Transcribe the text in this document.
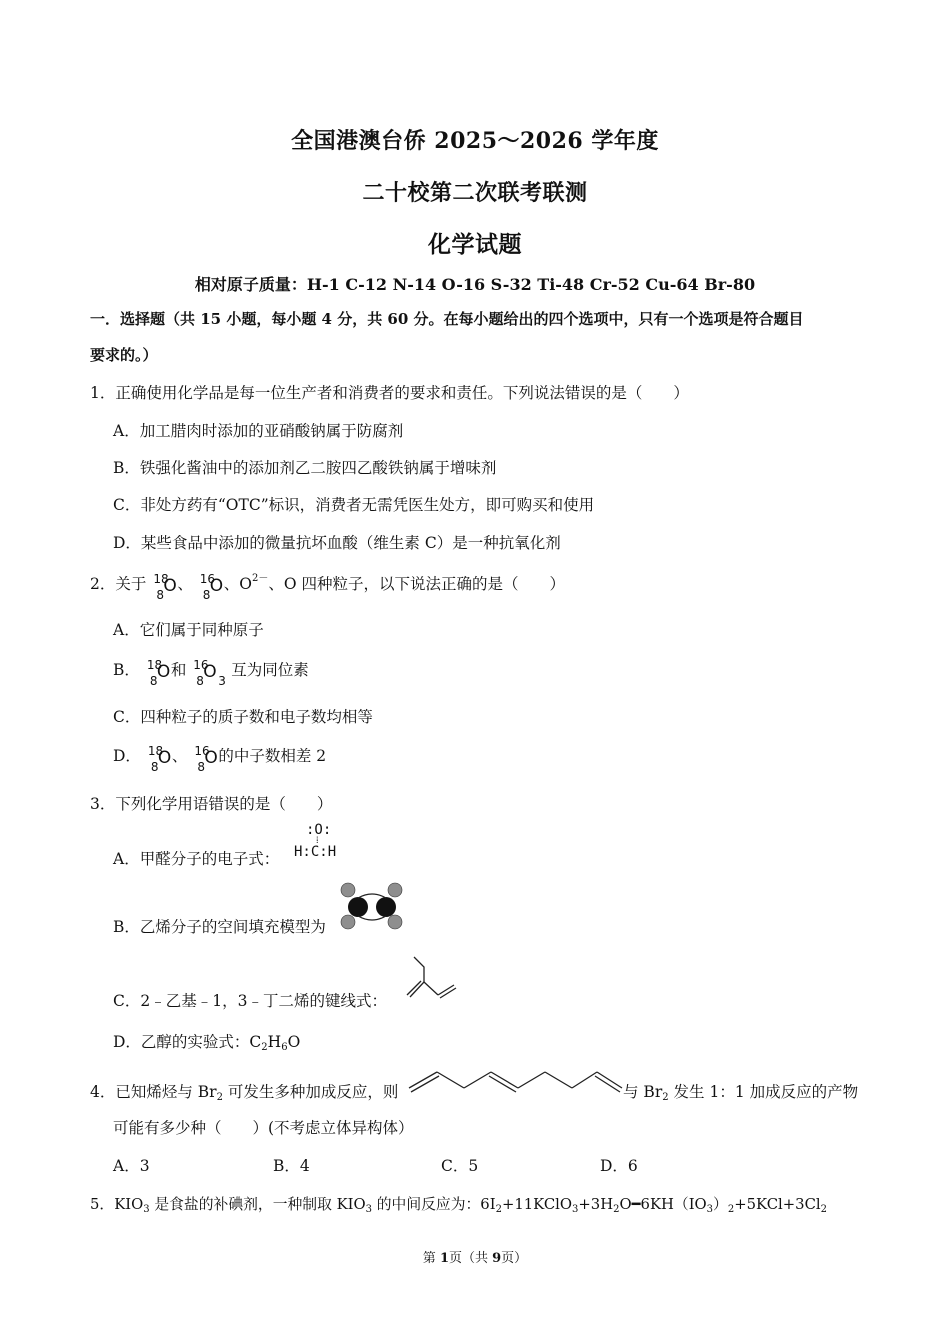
全国港澳台侨 2025～2026 学年度
二十校第二次联考联测
化学试题
相对原子质量：H-1 C-12 N-14 O-16 S-32 Ti-48 Cr-52 Cu-64 Br-80
一．选择题（共 15 小题，每小题 4 分，共 60 分。在每小题给出的四个选项中，只有一个选项是符合题目
要求的。）
1．正确使用化学品是每一位生产者和消费者的要求和责任。下列说法错误的是（　　）
A．加工腊肉时添加的亚硝酸钠属于防腐剂
B．铁强化酱油中的添加剂乙二胺四乙酸铁钠属于增味剂
C．非处方药有“OTC”标识，消费者无需凭医生处方，即可购买和使用
D．某些食品中添加的微量抗坏血酸（维生素 C）是一种抗氧化剂
2．关于 18
8 O 、 16
8 O 、$O^{2-}$、O 四种粒子，以下说法正确的是（　　）
A．它们属于同种原子
B． 18
8 O 和 16
8 O 3
互为同位素
C．四种粒子的质子数和电子数均相等
D． 18
8 O 、 16
8 O 的中子数相差 2
3．下列化学用语错误的是（　　）
A．甲醛分子的电子式：
:O:
⁞
H:C:H
B．乙烯分子的空间填充模型为
C．2﹣乙基﹣1，3﹣丁二烯的键线式：
D．乙醇的实验式：C2H6O
4．已知烯烃与 Br2 可发生多种加成反应，则	与 Br2 发生 1：1 加成反应的产物
可能有多少种（　　）(不考虑立体异构体）
A．3	B．4	C．5	D．6
5．$KIO_3$ 是食盐的补碘剂，一种制取 $KIO_3$ 的中间反应为：$6I_2+11KClO_3+3H_2O━6KH(IO_3)_2+5KCl+3Cl_2$
第 1页（共 9页）
